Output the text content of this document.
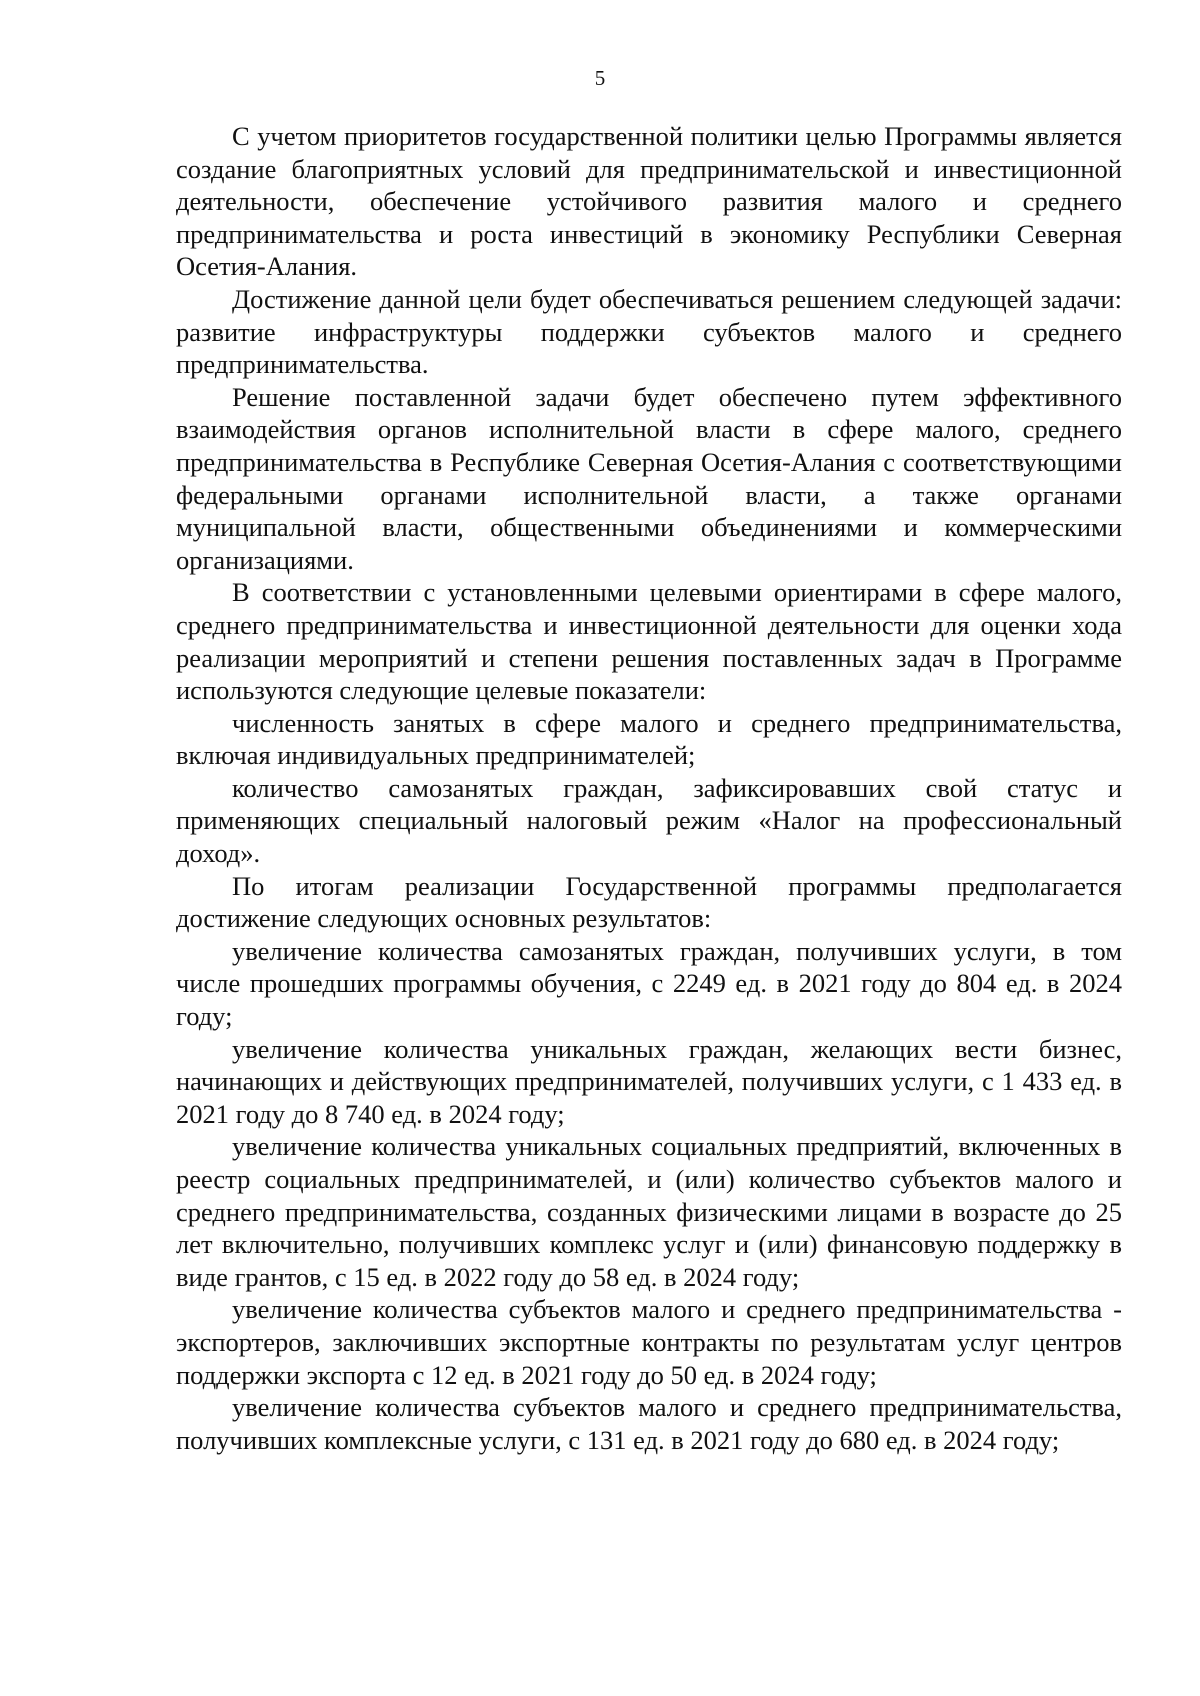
5

С учетом приоритетов государственной политики целью Программы является создание благоприятных условий для предпринимательской и инвестиционной деятельности, обеспечение устойчивого развития малого и среднего предпринимательства и роста инвестиций в экономику Республики Северная Осетия-Алания.

Достижение данной цели будет обеспечиваться решением следующей задачи: развитие инфраструктуры поддержки субъектов малого и среднего предпринимательства.

Решение поставленной задачи будет обеспечено путем эффективного взаимодействия органов исполнительной власти в сфере малого, среднего предпринимательства в Республике Северная Осетия-Алания с соответствующими федеральными органами исполнительной власти, а также органами муниципальной власти, общественными объединениями и коммерческими организациями.

В соответствии с установленными целевыми ориентирами в сфере малого, среднего предпринимательства и инвестиционной деятельности для оценки хода реализации мероприятий и степени решения поставленных задач в Программе используются следующие целевые показатели:

численность занятых в сфере малого и среднего предпринимательства, включая индивидуальных предпринимателей;

количество самозанятых граждан, зафиксировавших свой статус и применяющих специальный налоговый режим «Налог на профессиональный доход».

По итогам реализации Государственной программы предполагается достижение следующих основных результатов:

увеличение количества самозанятых граждан, получивших услуги, в том числе прошедших программы обучения, с 2249 ед. в 2021 году до 804 ед. в 2024 году;

увеличение количества уникальных граждан, желающих вести бизнес, начинающих и действующих предпринимателей, получивших услуги, с 1 433 ед. в 2021 году до 8 740 ед. в 2024 году;

увеличение количества уникальных социальных предприятий, включенных в реестр социальных предпринимателей, и (или) количество субъектов малого и среднего предпринимательства, созданных физическими лицами в возрасте до 25 лет включительно, получивших комплекс услуг и (или) финансовую поддержку в виде грантов, с 15 ед. в 2022 году до 58 ед. в 2024 году;

увеличение количества субъектов малого и среднего предпринимательства - экспортеров, заключивших экспортные контракты по результатам услуг центров поддержки экспорта с 12 ед. в 2021 году до 50 ед. в 2024 году;

увеличение количества субъектов малого и среднего предпринимательства, получивших комплексные услуги, с 131 ед. в 2021 году до 680 ед. в 2024 году;
